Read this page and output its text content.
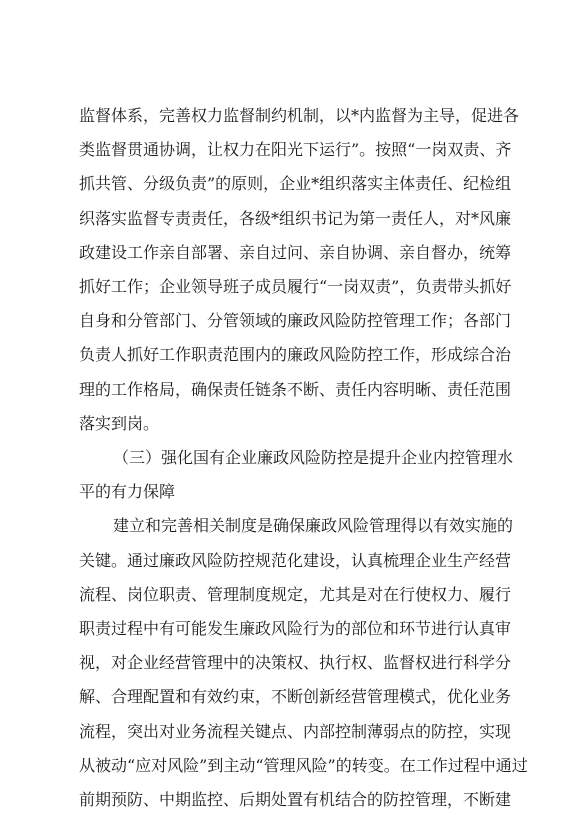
监督体系，完善权力监督制约机制，以*内监督为主导，促进各
类监督贯通协调，让权力在阳光下运行”。按照“一岗双责、齐
抓共管、分级负责”的原则，企业*组织落实主体责任、纪检组
织落实监督专责责任，各级*组织书记为第一责任人，对*风廉
政建设工作亲自部署、亲自过问、亲自协调、亲自督办，统筹
抓好工作；企业领导班子成员履行“一岗双责”，负责带头抓好
自身和分管部门、分管领域的廉政风险防控管理工作；各部门
负责人抓好工作职责范围内的廉政风险防控工作，形成综合治
理的工作格局，确保责任链条不断、责任内容明晰、责任范围
落实到岗。
（三）强化国有企业廉政风险防控是提升企业内控管理水
平的有力保障
建立和完善相关制度是确保廉政风险管理得以有效实施的
关键。通过廉政风险防控规范化建设，认真梳理企业生产经营
流程、岗位职责、管理制度规定，尤其是对在行使权力、履行
职责过程中有可能发生廉政风险行为的部位和环节进行认真审
视，对企业经营管理中的决策权、执行权、监督权进行科学分
解、合理配置和有效约束，不断创新经营管理模式，优化业务
流程，突出对业务流程关键点、内部控制薄弱点的防控，实现
从被动“应对风险”到主动“管理风险”的转变。在工作过程中通过
前期预防、中期监控、后期处置有机结合的防控管理，不断建
